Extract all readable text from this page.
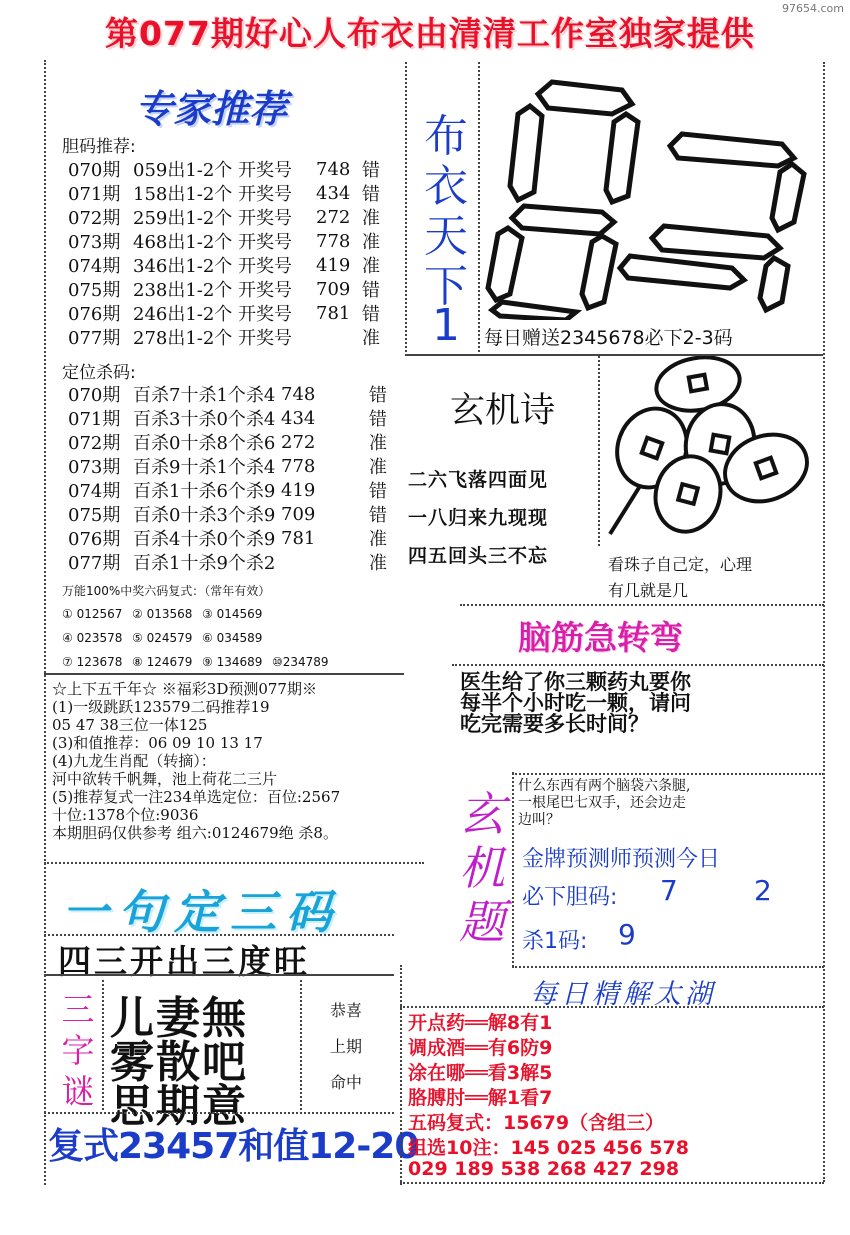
97654.com
第077期好心人布衣由清清工作室独家提供
专家推荐
胆码推荐:
070期 059出1-2个 开奖号	748 错
071期 158出1-2个 开奖号	434 错
072期 259出1-2个 开奖号	272 准
073期 468出1-2个 开奖号	778 准
074期 346出1-2个 开奖号	419 准
075期 238出1-2个 开奖号	709 错
076期 246出1-2个 开奖号	781 错
077期 278出1-2个 开奖号	准
定位杀码:
070期 百杀7十杀1个杀4 748	错
071期 百杀3十杀0个杀4 434	错
072期 百杀0十杀8个杀6 272	准
073期 百杀9十杀1个杀4 778	准
074期 百杀1十杀6个杀9 419	错
075期 百杀0十杀3个杀9 709	错
076期 百杀4十杀0个杀9 781	准
077期 百杀1十杀9个杀2	准
万能100%中奖六码复式：（常年有效）
① 012567 ② 013568 ③ 014569
④ 023578 ⑤ 024579 ⑥ 034589
⑦ 123678 ⑧ 124679 ⑨ 134689 ⑩234789
☆上下五千年☆ ※福彩3D预测077期※
(1)一级跳跃123579二码推荐19
05 47 38三位一体125
(3)和值推荐：06 09 10 13 17
(4)九龙生肖配（转摘）：
河中欲转千帆舞，池上荷花二三片
(5)推荐复式一注234单选定位：百位:2567
十位:1378个位:9036
本期胆码仅供参考 组六:0124679绝 杀8。
一句定三码
四三开出三度旺
三
字
谜
儿妻無
雾散吧
思期意
恭喜
上期
命中
复式23457和值12-20
布
衣
天
下
1	每日赠送2345678必下2-3码
玄机诗
二六飞落四面见
一八归来九现现
四五回头三不忘	看珠子自己定，心理
有几就是几
脑筋急转弯
医生给了你三颗药丸要你
每半个小时吃一颗，请问
吃完需要多长时间？
玄
机
题
什么东西有两个脑袋六条腿,
一根尾巴七双手，还会边走
边叫？
金牌预测师预测今日
必下胆码: 7	2
杀1码: 9
每日精解太湖
开点药══解8有1
调成酒══有6防9
涂在哪══看3解5
胳膊肘══解1看7
五码复式：15679（含组三）
组选10注：145 025 456 578
029 189 538 268 427 298
